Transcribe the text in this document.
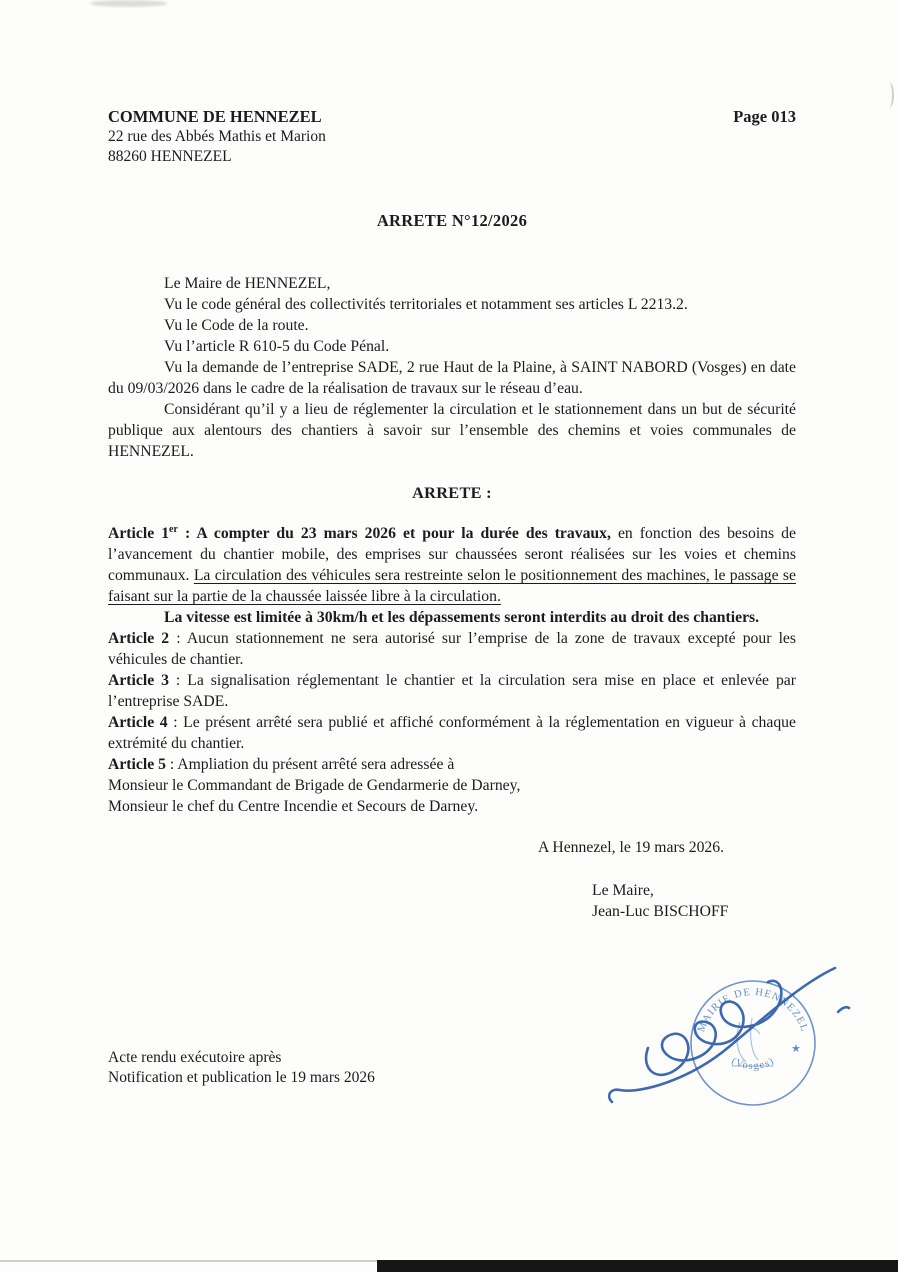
COMMUNE DE HENNEZEL
22 rue des Abbés Mathis et Marion
88260 HENNEZEL
Page 013
ARRETE N°12/2026

Le Maire de HENNEZEL,

Vu le code général des collectivités territoriales et notamment ses articles L 2213.2.

Vu le Code de la route.

Vu l’article R 610-5 du Code Pénal.

Vu la demande de l’entreprise SADE, 2 rue Haut de la Plaine, à SAINT NABORD (Vosges) en date du 09/03/2026 dans le cadre de la réalisation de travaux sur le réseau d’eau.

Considérant qu’il y a lieu de réglementer la circulation et le stationnement dans un but de sécurité publique aux alentours des chantiers à savoir sur l’ensemble des chemins et voies communales de HENNEZEL.

ARRETE :

Article 1er : A compter du 23 mars 2026 et pour la durée des travaux, en fonction des besoins de l’avancement du chantier mobile, des emprises sur chaussées seront réalisées sur les voies et chemins communaux. La circulation des véhicules sera restreinte selon le positionnement des machines, le passage se faisant sur la partie de la chaussée laissée libre à la circulation.

La vitesse est limitée à 30km/h et les dépassements seront interdits au droit des chantiers.

Article 2 : Aucun stationnement ne sera autorisé sur l’emprise de la zone de travaux excepté pour les véhicules de chantier.

Article 3 : La signalisation réglementant le chantier et la circulation sera mise en place et enlevée par l’entreprise SADE.

Article 4 : Le présent arrêté sera publié et affiché conformément à la réglementation en vigueur à chaque extrémité du chantier.

Article 5 : Ampliation du présent arrêté sera adressée à

Monsieur le Commandant de Brigade de Gendarmerie de Darney,

Monsieur le chef du Centre Incendie et Secours de Darney.

A Hennezel, le 19 mars 2026.
Le Maire,
Jean-Luc BISCHOFF
MAIRIE DE HENNEZEL
(Vosges)
★
Acte rendu exécutoire après
Notification et publication le 19 mars 2026
